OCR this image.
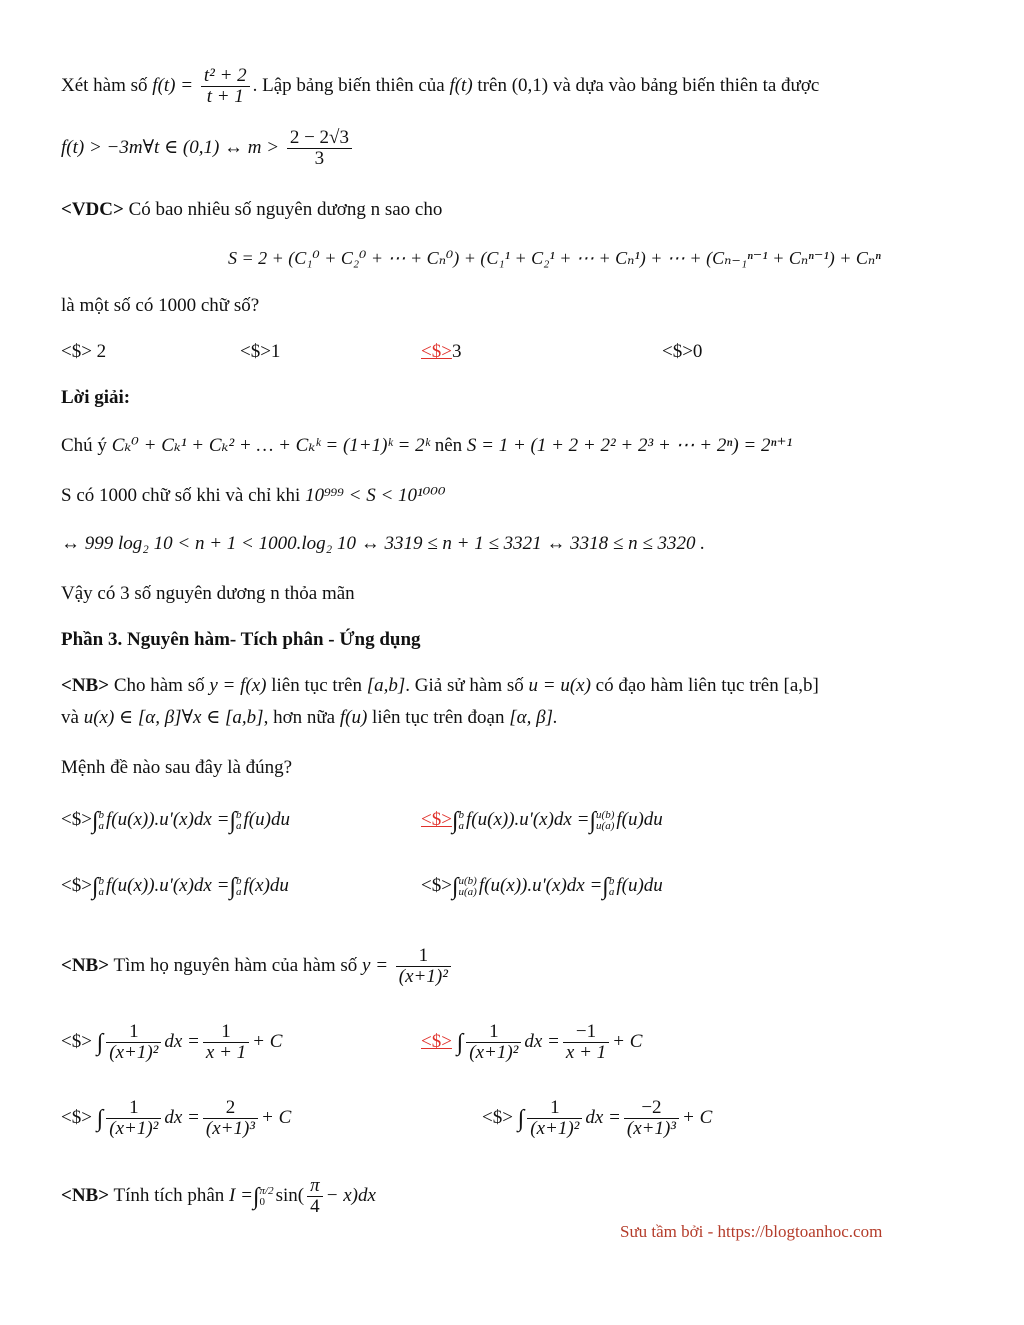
Xét hàm số $f(t) = \frac{\text{t² + 2}}{t + 1}$ . Lập bảng biến thiên của f(t) trên (0,1) và dựa vào bảng biến thiên ta được
f(t) > −3m∀t ∈ (0,1) ↔ $m > \frac{2 - 2√3}{3}$
<VDC> Có bao nhiêu số nguyên dương n sao cho
S = 2 + (C₁⁰ + C₂⁰ + ⋯ + Cₙ⁰) + (C₁¹ + C₂¹ + ⋯ + Cₙ¹) + ⋯ + (Cₙ₋₁ⁿ⁻¹ + Cₙⁿ⁻¹) + Cₙⁿ
là một số có 1000 chữ số?
<$> 2	<$>1	<$>3	<$>0
Lời giải:
Chú ý Cₖ⁰ + Cₖ¹ + Cₖ² + … + Cₖᵏ = (1+1)ᵏ = 2ᵏ nên S = 1 + (1 + 2 + 2² + 2³ + ⋯ + 2ⁿ) = 2ⁿ⁺¹
S có 1000 chữ số khi và chỉ khi 10⁹⁹⁹ < S < 10¹⁰⁰⁰
↔ 999 log₂ 10 < n + 1 < 1000.log₂ 10 ↔ 3319 ≤ n + 1 ≤ 3321 ↔ 3318 ≤ n ≤ 3320 .
Vậy có 3 số nguyên dương n thỏa mãn
Phần 3. Nguyên hàm- Tích phân - Ứng dụng
<NB> Cho hàm số y = f(x) liên tục trên [a,b]. Giả sử hàm số u = u(x) có đạo hàm liên tục trên [a,b]
và u(x) ∈ [α, β]∀x ∈ [a,b], hơn nữa f(u) liên tục trên đoạn [α, β].
Mệnh đề nào sau đây là đúng?
<$>∫ b
a f(u(x)).u'(x)dx =∫ b
a f(u)du	<$>∫ b
a f(u(x)).u'(x)dx =∫ u(b)
u(a) f(u)du
<$>∫ b
a f(u(x)).u'(x)dx =∫ b
a f(x)du	<$>∫ u(b)
u(a) f(u(x)).u'(x)dx =∫ b
a f(u)du
<NB> Tìm họ nguyên hàm của hàm số $y = \frac{1}{\text{(x+1)²}}$
<$> ∫ $\frac{1}{\text{(x+1)²}}$ dx = $\frac{1}{x + 1} + C$	<$> ∫ $\frac{1}{\text{(x+1)²}}$ dx = $\frac{-1}{x + 1} + C$
<$> ∫ $\frac{1}{\text{(x+1)²}}$ dx = $\frac{2}{\text{(x+1)³}} + C$	<$> ∫ $\frac{1}{\text{(x+1)²}}$ dx = $\frac{-2}{\text{(x+1)³}} + C$
<NB> Tính tích phân I =∫ π/2
0 $\sin( \frac{\pi}{4} - x)dx$
Sưu tầm bởi - https://blogtoanhoc.com
